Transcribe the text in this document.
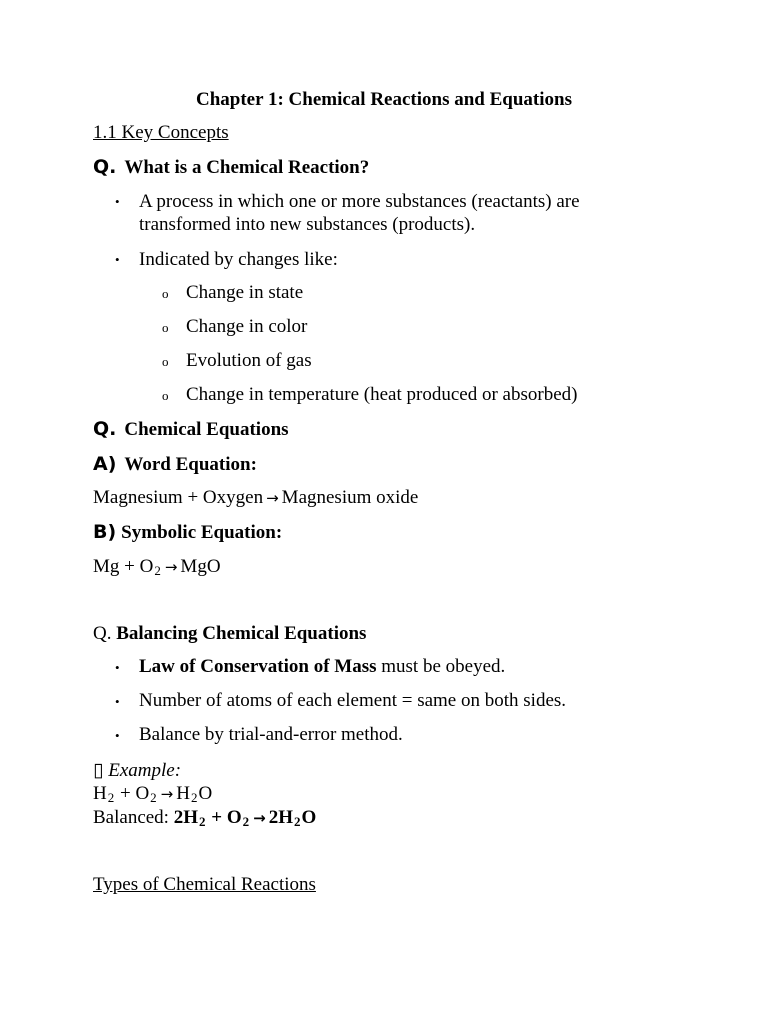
Chapter 1: Chemical Reactions and Equations
1.1 Key Concepts
Q. What is a Chemical Reaction?
• A process in which one or more substances (reactants) are
transformed into new substances (products).
• Indicated by changes like:
o Change in state
o Change in color
o Evolution of gas
o Change in temperature (heat produced or absorbed)
Q. Chemical Equations
A) Word Equation:
Magnesium + Oxygen → Magnesium oxide
B) Symbolic Equation:
$Mg + O_2$ → MgO
Q. Balancing Chemical Equations
• Law of Conservation of Mass must be obeyed.
• Number of atoms of each element = same on both sides.
• Balance by trial-and-error method.
▯ Example:
$H_2 + O_2 \to H_2O$
Balanced: $2H_2 + O_2 \to 2H_2O$
Types of Chemical Reactions
